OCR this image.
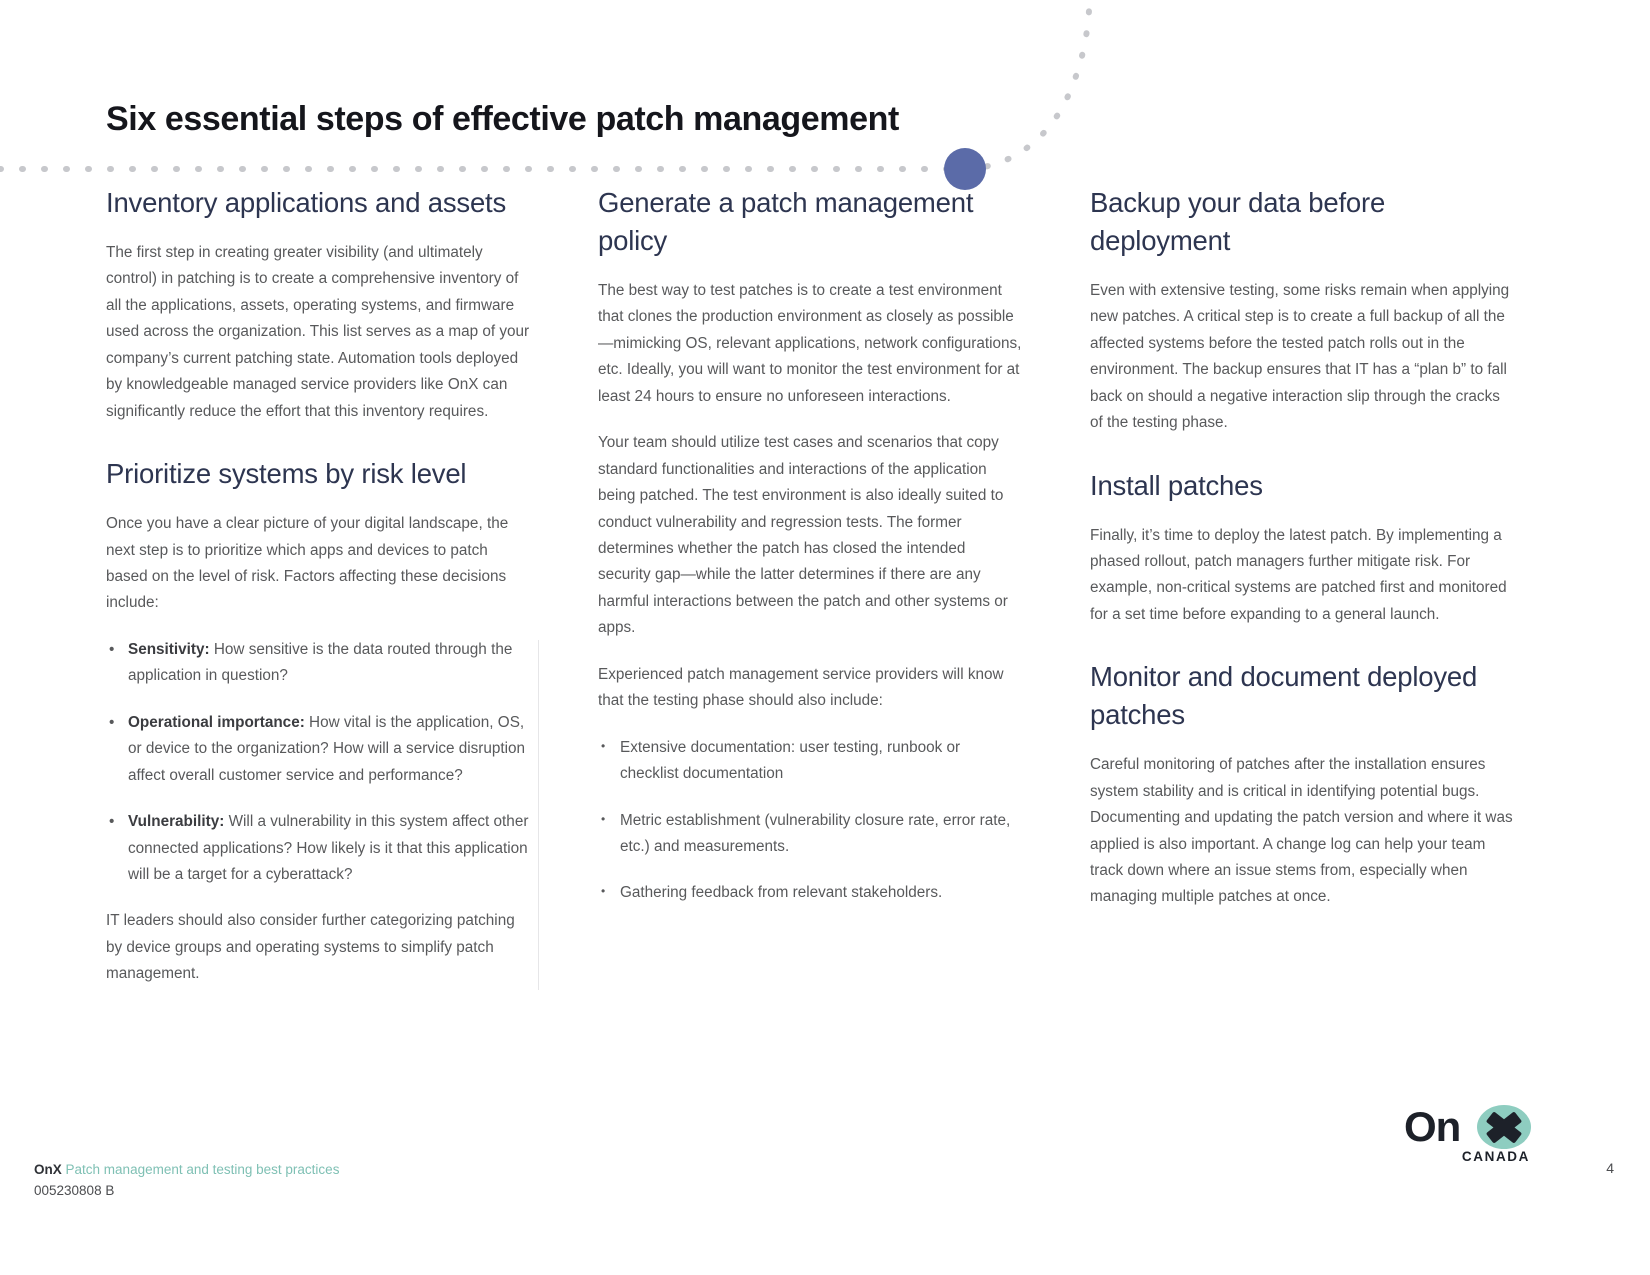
Six essential steps of effective patch management
Inventory applications and assets

The first step in creating greater visibility (and ultimately control) in patching is to create a comprehensive inventory of all the applications, assets, operating systems, and firmware used across the organization. This list serves as a map of your company’s current patching state. Automation tools deployed by knowledgeable managed service providers like OnX can significantly reduce the effort that this inventory requires.

Prioritize systems by risk level

Once you have a clear picture of your digital landscape, the next step is to prioritize which apps and devices to patch based on the level of risk. Factors affecting these decisions include:

• Sensitivity: How sensitive is the data routed through the application in question?
• Operational importance: How vital is the application, OS, or device to the organization? How will a service disruption affect overall customer service and performance?
• Vulnerability: Will a vulnerability in this system affect other connected applications? How likely is it that this application will be a target for a cyberattack?

IT leaders should also consider further categorizing patching by device groups and operating systems to simplify patch management.

Generate a patch management policy

The best way to test patches is to create a test environment that clones the production environment as closely as possible—mimicking OS, relevant applications, network configurations, etc. Ideally, you will want to monitor the test environment for at least 24 hours to ensure no unforeseen interactions.

Your team should utilize test cases and scenarios that copy standard functionalities and interactions of the application being patched. The test environment is also ideally suited to conduct vulnerability and regression tests. The former determines whether the patch has closed the intended security gap—while the latter determines if there are any harmful interactions between the patch and other systems or apps.

Experienced patch management service providers will know that the testing phase should also include:

• Extensive documentation: user testing, runbook or checklist documentation
• Metric establishment (vulnerability closure rate, error rate, etc.) and measurements.
• Gathering feedback from relevant stakeholders.
Backup your data before deployment

Even with extensive testing, some risks remain when applying new patches. A critical step is to create a full backup of all the affected systems before the tested patch rolls out in the environment. The backup ensures that IT has a “plan b” to fall back on should a negative interaction slip through the cracks of the testing phase.

Install patches

Finally, it’s time to deploy the latest patch. By implementing a phased rollout, patch managers further mitigate risk. For example, non-critical systems are patched first and monitored for a set time before expanding to a general launch.

Monitor and document deployed patches

Careful monitoring of patches after the installation ensures system stability and is critical in identifying potential bugs. Documenting and updating the patch version and where it was applied is also important. A change log can help your team track down where an issue stems from, especially when managing multiple patches at once.

On
CANADA
OnX Patch management and testing best practices
005230808 B
4
